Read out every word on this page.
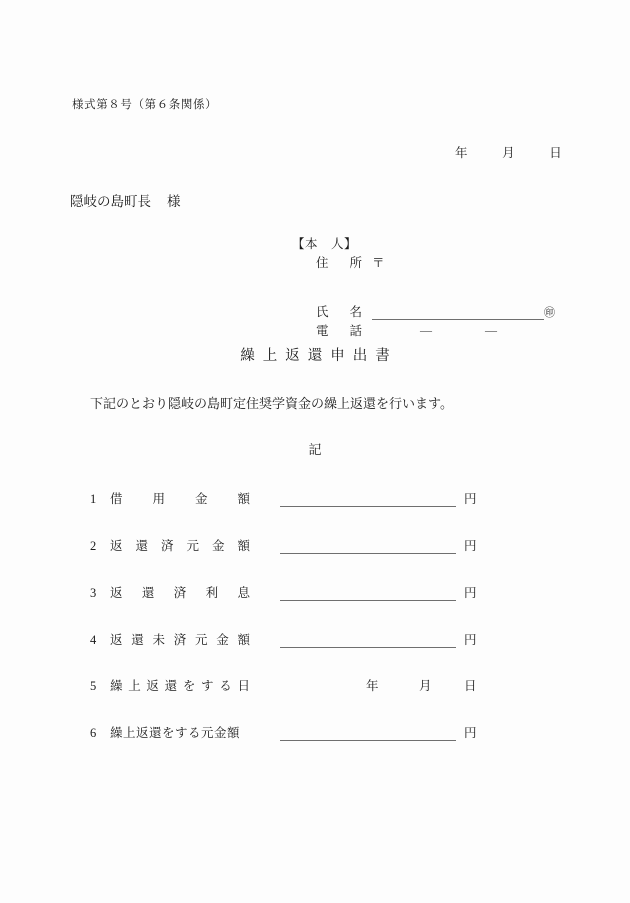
様式第８号（第６条関係）
年	月	日
隠岐の島町長 様
【本　人】
住　所 〒
氏　名	㊞
電　話	―	―
繰上返還申出書
下記のとおり隠岐の島町定住奨学資金の繰上返還を行います。
記
1	借用金額	円
2	返還済元金額	円
3	返還済利息	円
4	返還未済元金額	円
5	繰上返還をする日	年	月	日
6	繰上返還をする元金額	円
